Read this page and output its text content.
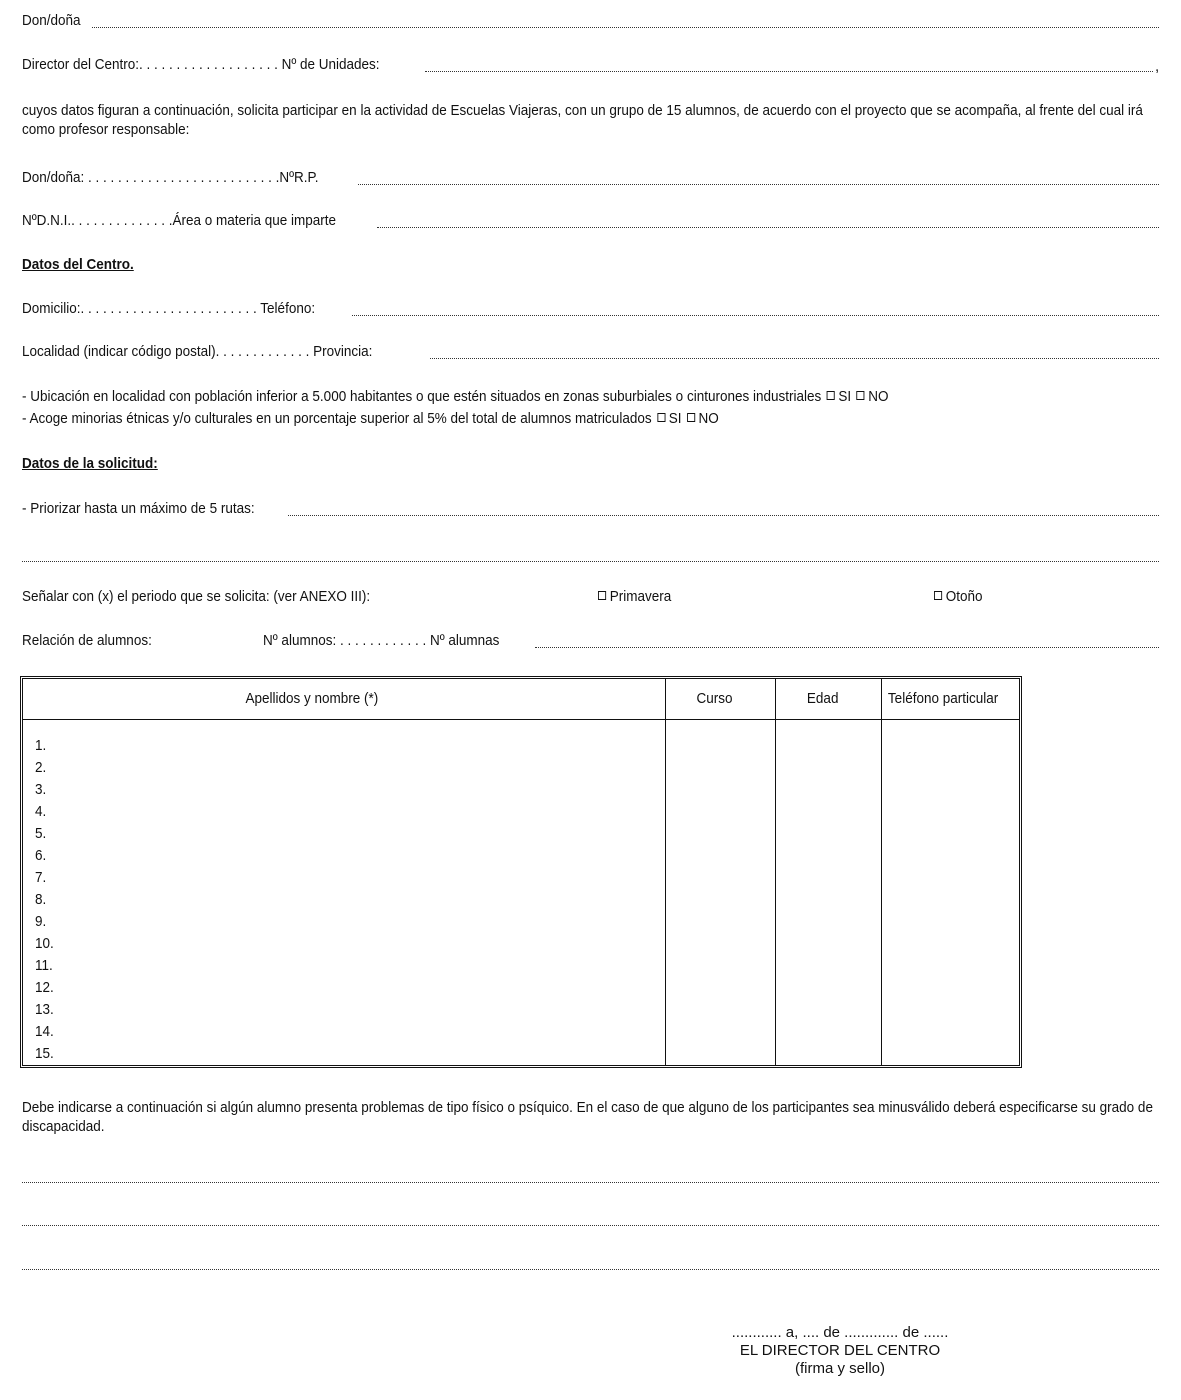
Don/doña
Director del Centro:. . . . . . . . . . . . . . . . . . . Nº de Unidades:	,
cuyos datos figuran a continuación, solicita participar en la actividad de Escuelas Viajeras, con un grupo de 15 alumnos, de acuerdo con el proyecto que se acompaña, al frente del cual irá como profesor responsable:
Don/doña: . . . . . . . . . . . . . . . . . . . . . . . . . .NºR.P.
NºD.N.I.. . . . . . . . . . . . . .Área o materia que imparte
Datos del Centro.
Domicilio:. . . . . . . . . . . . . . . . . . . . . . . . Teléfono:
Localidad (indicar código postal). . . . . . . . . . . . . Provincia:
- Ubicación en localidad con población inferior a 5.000 habitantes o que estén situados en zonas suburbiales o cinturones industriales SI NO
- Acoge minorias étnicas y/o culturales en un porcentaje superior al 5% del total de alumnos matriculados SI NO
Datos de la solicitud:
- Priorizar hasta un máximo de 5 rutas:
Señalar con (x) el periodo que se solicita: (ver ANEXO III):	Primavera	Otoño
Relación de alumnos:	Nº alumnos: . . . . . . . . . . . . Nº alumnas
Apellidos y nombre (*)	Curso	Edad	Teléfono particular
1.
2.
3.
4.
5.
6.
7.
8.
9.
10.
11.
12.
13.
14.
15.
Debe indicarse a continuación si algún alumno presenta problemas de tipo físico o psíquico. En el caso de que alguno de los participantes sea minusválido deberá especificarse su grado de discapacidad.
............ a, .... de ............. de ......
EL DIRECTOR DEL CENTRO
(firma y sello)
